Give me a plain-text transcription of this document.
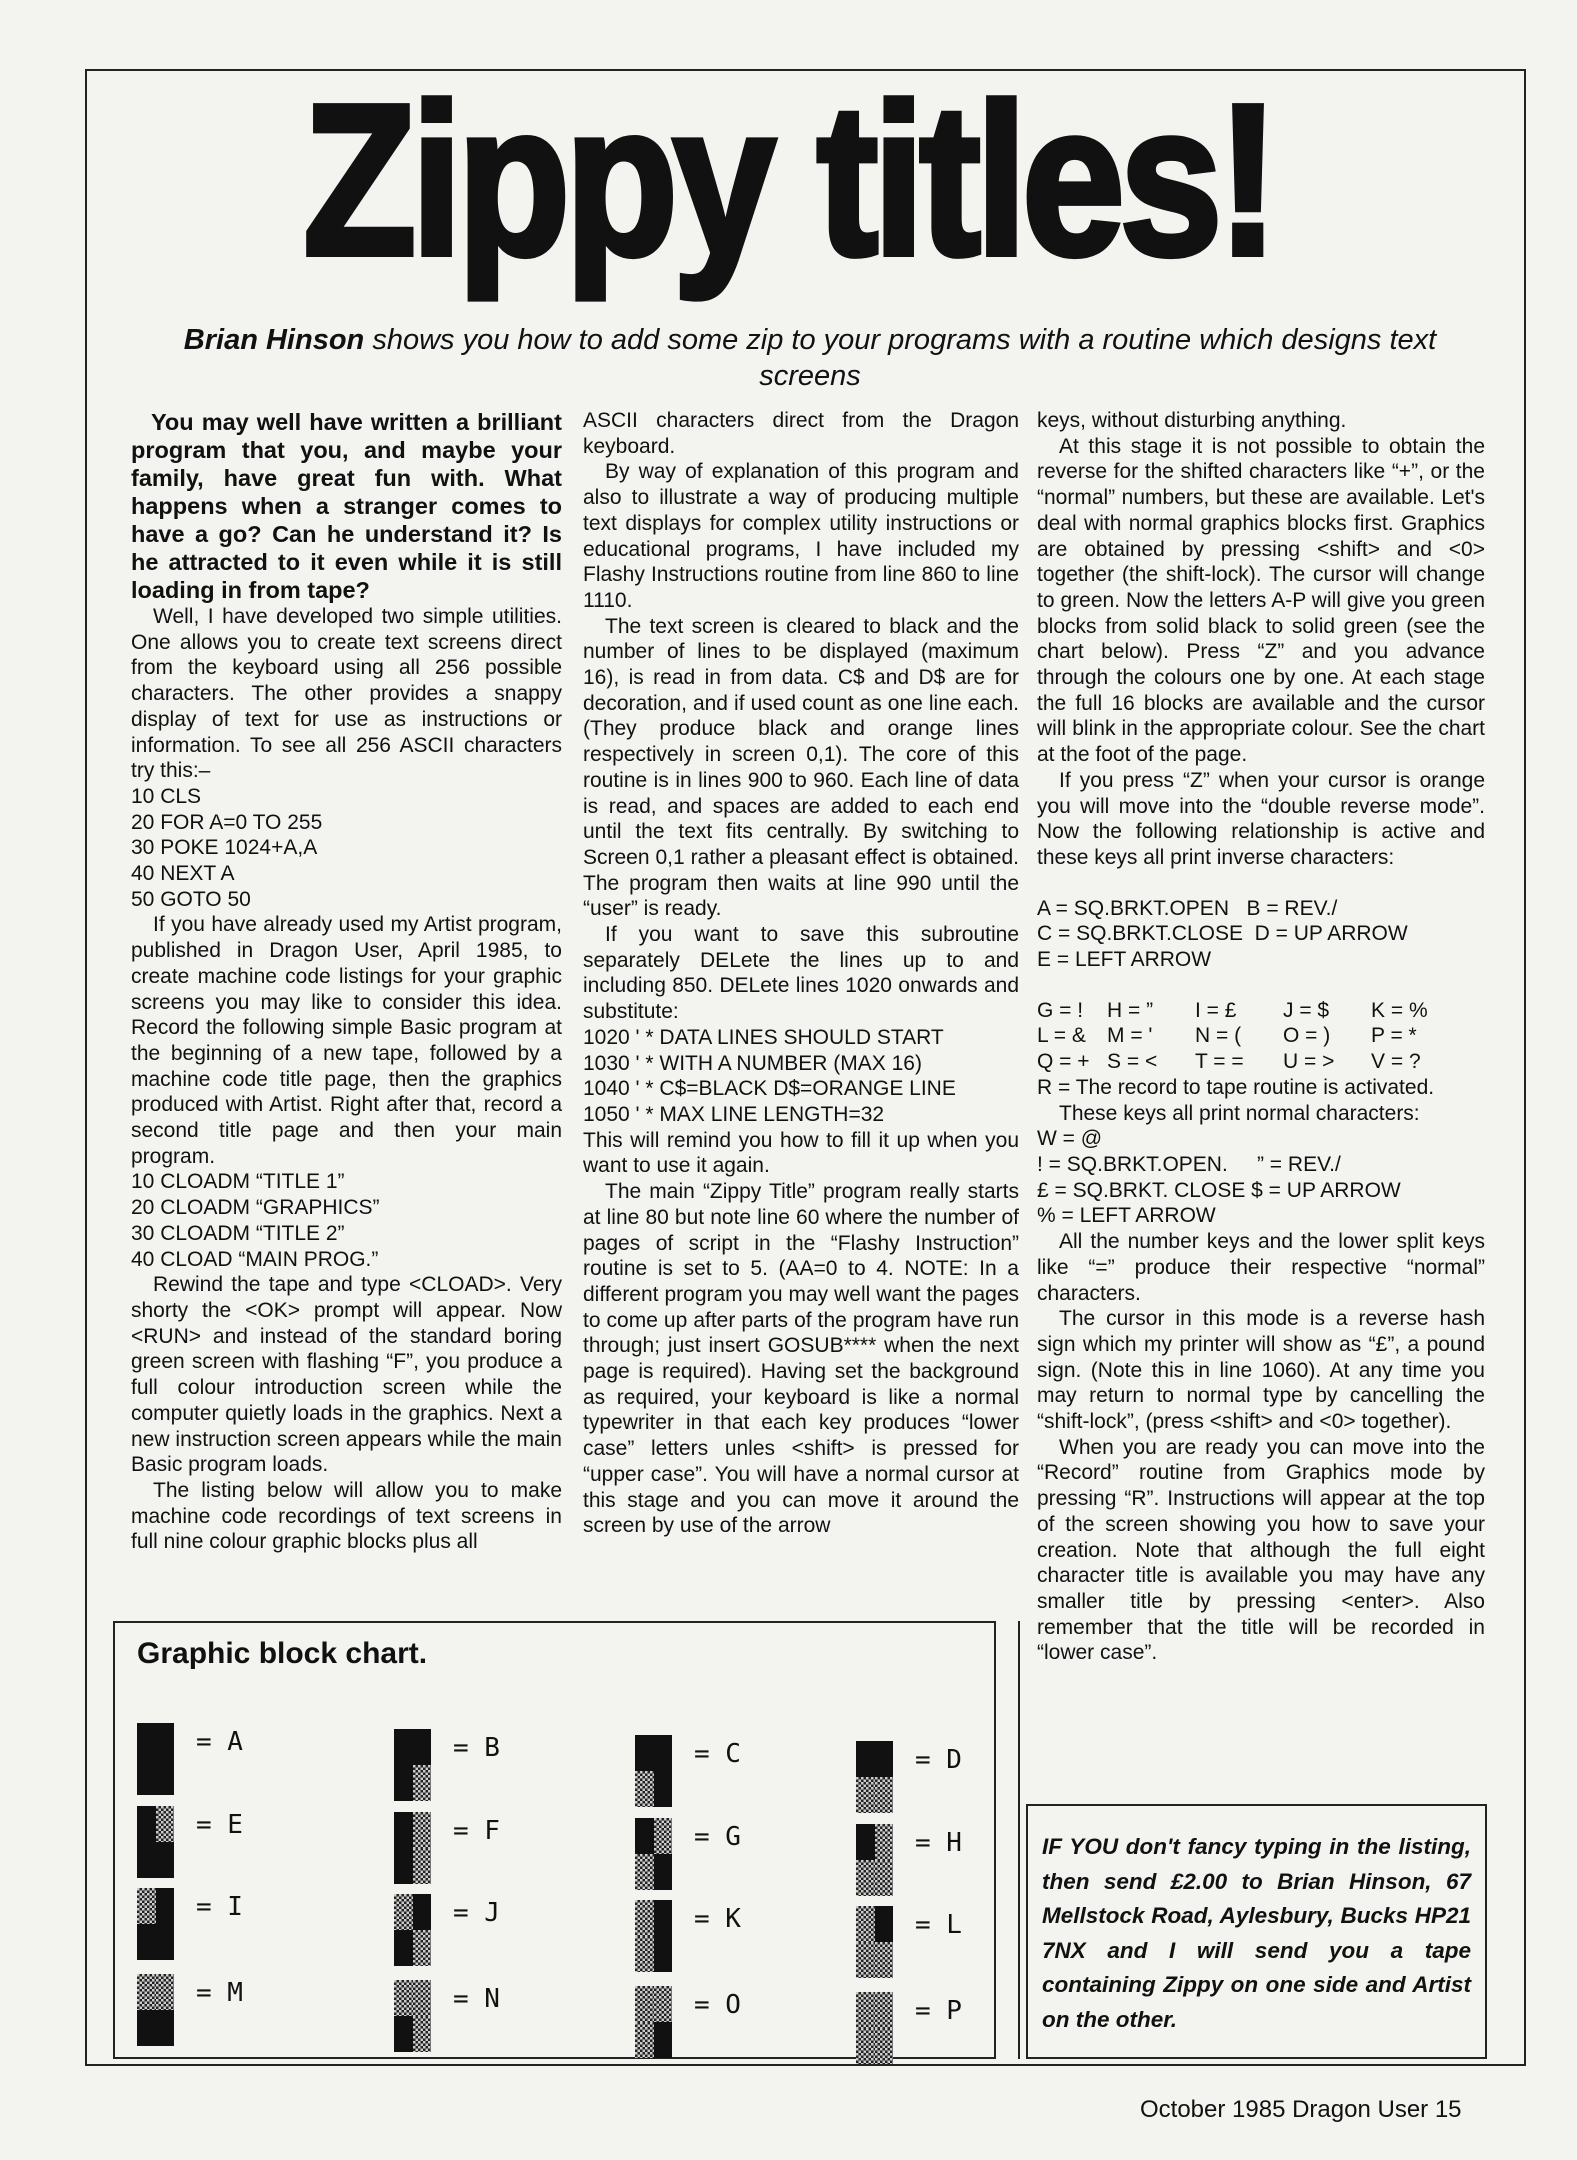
Zippy titles!
Brian Hinson shows you how to add some zip to your programs with a routine which designs text screens

You may well have written a brilliant program that you, and maybe your family, have great fun with. What happens when a stranger comes to have a go? Can he understand it? Is he attracted to it even while it is still loading in from tape?

Well, I have developed two simple utilities. One allows you to create text screens direct from the keyboard using all 256 possible characters. The other provides a snappy display of text for use as instructions or information. To see all 256 ASCII characters try this:–

10 CLS
20 FOR A=0 TO 255
30 POKE 1024+A,A
40 NEXT A
50 GOTO 50

If you have already used my Artist program, published in Dragon User, April 1985, to create machine code listings for your graphic screens you may like to consider this idea. Record the following simple Basic program at the beginning of a new tape, followed by a machine code title page, then the graphics produced with Artist. Right after that, record a second title page and then your main program.

10 CLOADM “TITLE 1”
20 CLOADM “GRAPHICS”
30 CLOADM “TITLE 2”
40 CLOAD “MAIN PROG.”

Rewind the tape and type <CLOAD>. Very shorty the <OK> prompt will appear. Now <RUN> and instead of the standard boring green screen with flashing “F”, you produce a full colour introduction screen while the computer quietly loads in the graphics. Next a new instruction screen appears while the main Basic program loads.

The listing below will allow you to make machine code recordings of text screens in full nine colour graphic blocks plus all

ASCII characters direct from the Dragon keyboard.

By way of explanation of this program and also to illustrate a way of producing multiple text displays for complex utility instructions or educational programs, I have included my Flashy Instructions routine from line 860 to line 1110.

The text screen is cleared to black and the number of lines to be displayed (maximum 16), is read in from data. C$ and D$ are for decoration, and if used count as one line each. (They produce black and orange lines respectively in screen 0,1). The core of this routine is in lines 900 to 960. Each line of data is read, and spaces are added to each end until the text fits centrally. By switching to Screen 0,1 rather a pleasant effect is obtained. The program then waits at line 990 until the “user” is ready.

If you want to save this subroutine separately DELete the lines up to and including 850. DELete lines 1020 onwards and substitute:

1020 ' * DATA LINES SHOULD START
1030 ' * WITH A NUMBER (MAX 16)
1040 ' * C$=BLACK D$=ORANGE LINE
1050 ' * MAX LINE LENGTH=32

This will remind you how to fill it up when you want to use it again.

The main “Zippy Title” program really starts at line 80 but note line 60 where the number of pages of script in the “Flashy Instruction” routine is set to 5. (AA=0 to 4. NOTE: In a different program you may well want the pages to come up after parts of the program have run through; just insert GOSUB**** when the next page is required). Having set the background as required, your keyboard is like a normal typewriter in that each key produces “lower case” letters unles <shift> is pressed for “upper case”. You will have a normal cursor at this stage and you can move it around the screen by use of the arrow

keys, without disturbing anything.

At this stage it is not possible to obtain the reverse for the shifted characters like “+”, or the “normal” numbers, but these are available. Let's deal with normal graphics blocks first. Graphics are obtained by pressing <shift> and <0> together (the shift-lock). The cursor will change to green. Now the letters A-P will give you green blocks from solid black to solid green (see the chart below). Press “Z” and you advance through the colours one by one. At each stage the full 16 blocks are available and the cursor will blink in the appropriate colour. See the chart at the foot of the page.

If you press “Z” when your cursor is orange you will move into the “double reverse mode”. Now the following relationship is active and these keys all print inverse characters:

A = SQ.BRKT.OPEN   B = REV./
C = SQ.BRKT.CLOSE  D = UP ARROW
E = LEFT ARROW
G = !	H = ”	I = £	J = $	K = %
L = &	M = '	N = (	O = )	P = *
Q = + S = <	T = =	U = >	V = ?
R = The record to tape routine is activated.

These keys all print normal characters:

W = @
! = SQ.BRKT.OPEN.     ” = REV./
£ = SQ.BRKT. CLOSE $ = UP ARROW
% = LEFT ARROW

All the number keys and the lower split keys like “=” produce their respective “normal” characters.

The cursor in this mode is a reverse hash sign which my printer will show as “£”, a pound sign. (Note this in line 1060). At any time you may return to normal type by cancelling the “shift-lock”, (press <shift> and <0> together).

When you are ready you can move into the “Record” routine from Graphics mode by pressing “R”. Instructions will appear at the top of the screen showing you how to save your creation. Note that although the full eight character title is available you may have any smaller title by pressing <enter>. Also remember that the title will be recorded in “lower case”.

Graphic block chart.
= A	= B	= C	= D
= E	= F	= G	= H
= I	= J	= K	= L
= M	= N	= O	= P

IF YOU don't fancy typing in the listing, then send £2.00 to Brian Hinson, 67 Mellstock Road, Aylesbury, Bucks HP21 7NX and I will send you a tape containing Zippy on one side and Artist on the other.

October 1985 Dragon User 15
